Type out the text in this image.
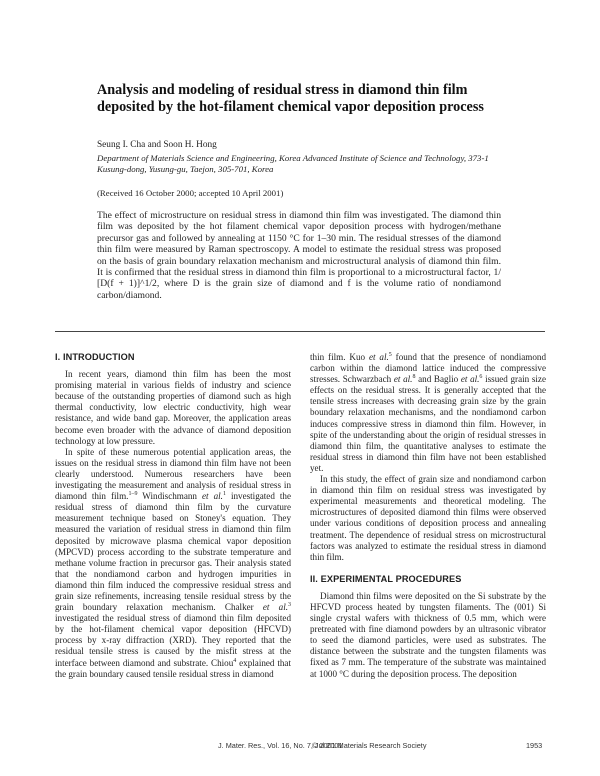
Analysis and modeling of residual stress in diamond thin film deposited by the hot-filament chemical vapor deposition process
Seung I. Cha and Soon H. Hong
Department of Materials Science and Engineering, Korea Advanced Institute of Science and Technology, 373-1 Kusung-dong, Yusung-gu, Taejon, 305-701, Korea
(Received 16 October 2000; accepted 10 April 2001)
The effect of microstructure on residual stress in diamond thin film was investigated. The diamond thin film was deposited by the hot filament chemical vapor deposition process with hydrogen/methane precursor gas and followed by annealing at 1150 °C for 1–30 min. The residual stresses of the diamond thin film were measured by Raman spectroscopy. A model to estimate the residual stress was proposed on the basis of grain boundary relaxation mechanism and microstructural analysis of diamond thin film. It is confirmed that the residual stress in diamond thin film is proportional to a microstructural factor, 1/ [D(f + 1)]^1/2, where D is the grain size of diamond and f is the volume ratio of nondiamond carbon/diamond.
I. INTRODUCTION

In recent years, diamond thin film has been the most promising material in various fields of industry and science because of the outstanding properties of diamond such as high thermal conductivity, low electric conductivity, high wear resistance, and wide band gap. Moreover, the application areas become even broader with the advance of diamond deposition technology at low pressure.

In spite of these numerous potential application areas, the issues on the residual stress in diamond thin film have not been clearly understood. Numerous researchers have been investigating the measurement and analysis of residual stress in diamond thin film.$^{1-9}$ Windischmann et al.$^1$ investigated the residual stress of diamond thin film by the curvature measurement technique based on Stoney's equation. They measured the variation of residual stress in diamond thin film deposited by microwave plasma chemical vapor deposition (MPCVD) process according to the substrate temperature and methane volume fraction in precursor gas. Their analysis stated that the nondiamond carbon and hydrogen impurities in diamond thin film induced the compressive residual stress and grain size refinements, increasing tensile residual stress by the grain boundary relaxation mechanism. Chalker et al.$^3$ investigated the residual stress of diamond thin film deposited by the hot-filament chemical vapor deposition (HFCVD) process by x-ray diffraction (XRD). They reported that the residual tensile stress is caused by the misfit stress at the interface between diamond and substrate. Chiou$^4$ explained that the grain boundary caused tensile residual stress in diamond

thin film. Kuo et al.$^5$ found that the presence of nondiamond carbon within the diamond lattice induced the compressive stresses. Schwarzbach et al.$^8$ and Baglio et al.$^6$ issued grain size effects on the residual stress. It is generally accepted that the tensile stress increases with decreasing grain size by the grain boundary relaxation mechanisms, and the nondiamond carbon induces compressive stress in diamond thin film. However, in spite of the understanding about the origin of residual stresses in diamond thin film, the quantitative analyses to estimate the residual stress in diamond thin film have not been established yet.

In this study, the effect of grain size and nondiamond carbon in diamond thin film on residual stress was investigated by experimental measurements and theoretical modeling. The microstructures of deposited diamond thin films were observed under various conditions of deposition process and annealing treatment. The dependence of residual stress on microstructural factors was analyzed to estimate the residual stress in diamond thin film.

II. EXPERIMENTAL PROCEDURES

Diamond thin films were deposited on the Si substrate by the HFCVD process heated by tungsten filaments. The (001) Si single crystal wafers with thickness of 0.5 mm, which were pretreated with fine diamond powders by an ultrasonic vibrator to seed the diamond particles, were used as substrates. The distance between the substrate and the tungsten filaments was fixed as 7 mm. The temperature of the substrate was maintained at 1000 °C during the deposition process. The deposition

J. Mater. Res., Vol. 16, No. 7, Jul 2001
© 2001 Materials Research Society	1953
